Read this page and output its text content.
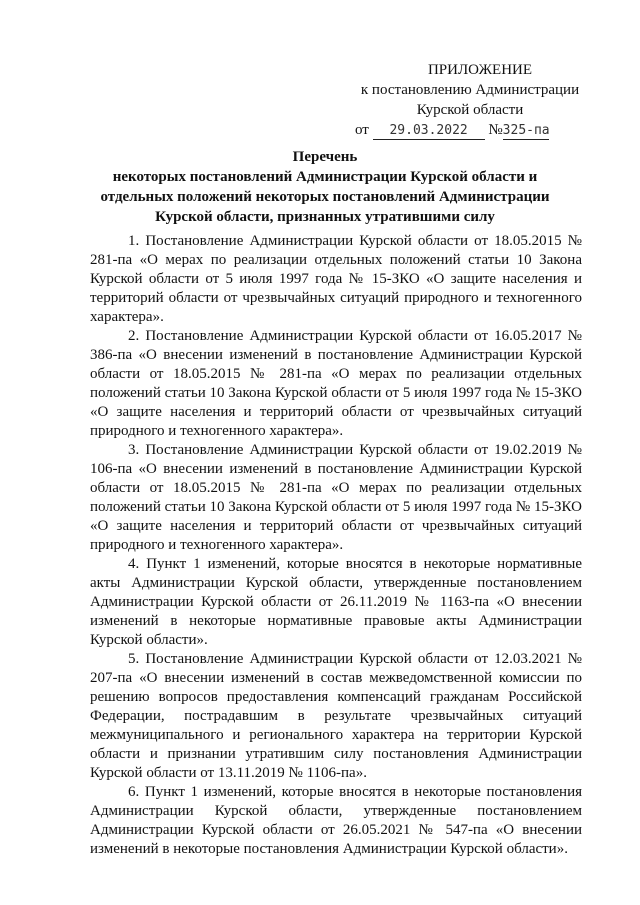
ПРИЛОЖЕНИЕ
к постановлению Администрации
Курской области
от 29.03.2022 №325-па
Перечень
некоторых постановлений Администрации Курской области и
отдельных положений некоторых постановлений Администрации
Курской области, признанных утратившими силу

1. Постановление Администрации Курской области от 18.05.2015 № 281-па «О мерах по реализации отдельных положений статьи 10 Закона Курской области от 5 июля 1997 года № 15-ЗКО «О защите населения и территорий области от чрезвычайных ситуаций природного и техногенного характера».

2. Постановление Администрации Курской области от 16.05.2017 № 386-па «О внесении изменений в постановление Администрации Курской области от 18.05.2015 № 281-па «О мерах по реализации отдельных положений статьи 10 Закона Курской области от 5 июля 1997 года № 15-ЗКО «О защите населения и территорий области от чрезвычайных ситуаций природного и техногенного характера».

3. Постановление Администрации Курской области от 19.02.2019 № 106-па «О внесении изменений в постановление Администрации Курской области от 18.05.2015 № 281-па «О мерах по реализации отдельных положений статьи 10 Закона Курской области от 5 июля 1997 года № 15-ЗКО «О защите населения и территорий области от чрезвычайных ситуаций природного и техногенного характера».

4. Пункт 1 изменений, которые вносятся в некоторые нормативные акты Администрации Курской области, утвержденные постановлением Администрации Курской области от 26.11.2019 № 1163-па «О внесении изменений в некоторые нормативные правовые акты Администрации Курской области».

5. Постановление Администрации Курской области от 12.03.2021 № 207-па «О внесении изменений в состав межведомственной комиссии по решению вопросов предоставления компенсаций гражданам Российской Федерации, пострадавшим в результате чрезвычайных ситуаций межмуниципального и регионального характера на территории Курской области и признании утратившим силу постановления Администрации Курской области от 13.11.2019 № 1106-па».

6. Пункт 1 изменений, которые вносятся в некоторые постановления Администрации Курской области, утвержденные постановлением Администрации Курской области от 26.05.2021 № 547-па «О внесении изменений в некоторые постановления Администрации Курской области».
